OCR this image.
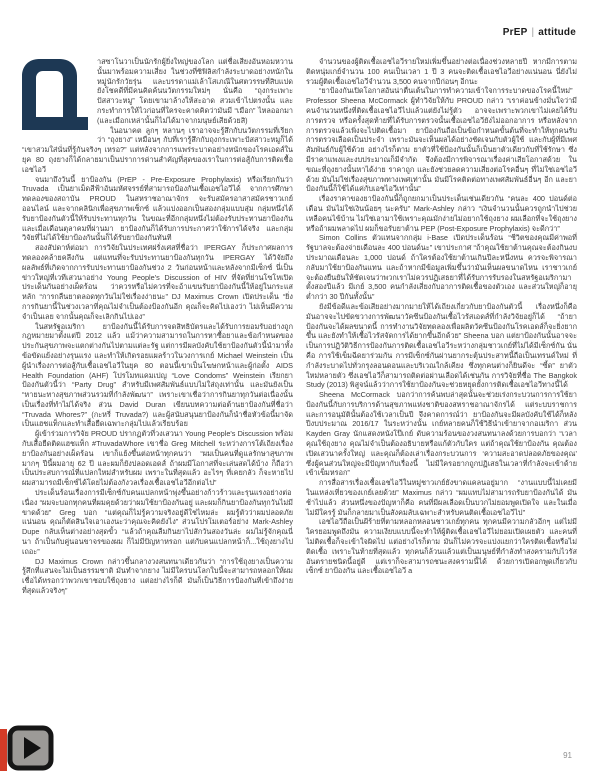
PrEP | attitude

าสซาโนวาเป็นนักรักผู้ยิ่งใหญ่ของโลก แต่ชื่อเสียงอันหอมหวานนั้นมาพร้อมความเสี่ยง ในช่วงที่ซิฟิลิสกำลังระบาดอย่างหนักในหมู่นักรักวัยรุ่น และบรรดาแม่เล้าโสเภณีในศตวรรษที่สิบแปด ยังโชคดีที่มีคนคิดค้นนวัตกรรมใหม่ๆ นั่นคือ “ถุงกระเพาะปัสสาวะหมู” โดยเขามาล้างให้สะอาด สวมเข้าไปตรงนั้น และกระทำการให้ไวก่อนที่ใครจะคาดคิดว่ามันมี “เมือก” ไหลออกมา (และเมือกเหล่านั้นก็ไม่ได้มาจากมนุษย์เสียด้วยสิ)

ในอนาคต ลูกๆ หลานๆ เราอาจจะรู้สึกกับนวัตกรรมที่เรียกว่า “ถุงยาง” เหมือนๆ กับที่เรารู้สึกกับถุงกระเพาะปัสสาวะหมูก็ได้ “เขาสวมใส่นั่นที่รู้กันจริงๆ เหรอ?” แต่หลังจากการแพร่ระบาดอย่างหนักของโรคเอดส์ในยุค 80 ถุงยางก็ได้กลายมาเป็นปราการด่านสำคัญที่สุดของเราในการต่อสู้กับการติดเชื้อเอชไอวี

จนมาถึงวันนี้ ยาป้องกัน (PrEP - Pre-Exposure Prophylaxis) หรือเรียกกันว่า Truvada เป็นยาเม็ดสีฟ้าอันมหัศจรรย์ที่สามารถป้องกันเชื้อเอชไอวีได้ จากการศึกษาทดลองของสถาบัน PROUD ในสหราชอาณาจักร จะรับสมัครอาสาสมัครชาวเกย์ออนไลน์ และจากคลินิกเพื่อสุขภาพเซ็กซ์ แล้วแบ่งออกเป็นสองกลุ่มแบบสุ่ม กลุ่มหนึ่งได้รับยาป้องกันตัวนี้ให้รับประทานทุกวัน ในขณะที่อีกกลุ่มหนึ่งไม่ต้องรับประทานยาป้องกัน และเมื่อเดือนตุลาคมที่ผ่านมา ยาป้องกันก็ได้รับการประกาศว่าใช้การได้จริง และกลุ่มวิจัยที่ไม่ได้ใช้ยาป้องกันนั้นก็ได้รับยาป้องกันทันที

สองสัปดาห์ต่อมา การวิจัยในประเทศฝรั่งเศสที่ชื่อว่า IPERGAY ก็ประกาศผลการทดลองคล้ายคลึงกัน แต่แทนที่จะรับประทานยาป้องกันทุกวัน IPERGAY ได้วิจัยถึงผลลัพธ์ที่เกิดจากการรับประทานยาป้องกันช่วง 2 วันก่อนหน้าและหลังจากมีเซ็กซ์ นี่เป็นข่าวใหญ่ที่เวทีเสวนาอย่าง Young People's Discussion of HIV ที่จัดที่ย่านโซโหเปิดประเด็นกันอย่างเผ็ดร้อน ว่าควรหรือไม่ควรที่จะอ้าแขนรับยาป้องกันนี้ให้อยู่ในกระแสหลัก “การกลืนยาตลอดทุกวันไม่ใช่เรื่องง่ายนะ” DJ Maximus Crown เปิดประเด็น “ยิ่งการกินยานี้ในช่วงเวลาที่คุณไม่จำเป็นต้องป้องกันอีก คุณก็จะคิดไปเองว่า ไม่เห็นมีความจำเป็นเลย จากนั้นคุณก็จะเลิกกินไปเอง”

ในสหรัฐอเมริกา ยาป้องกันนี้ได้รับการจดสิทธิบัตรและได้รับการยอมรับอย่างถูกกฎหมายมาตั้งแต่ปี 2012 แล้ว แม้ว่าความสามารถในการหาซื้อยาและข้อกำหนดของประกันสุขภาพจะแตกต่างกันไปตามแต่ละรัฐ แต่การมีผลบังคับใช้ยาป้องกันตัวนี้นำมาทั้งข้อขัดแย้งอย่างรุนแรง และทำให้เกิดรอยแผลร้าวในวงการเกย์ Michael Weinstein เป็นผู้นำเรื่องการต่อสู้กับเชื้อเอชไอวีในยุค 80 ตอนนี้เขาเป็นโฆษกหน้าและผู้ก่อตั้ง AIDS Health Foundation (AHF) โปรโมทแคมเปญ “Love Condoms” Weinstein เรียกยาป้องกันตัวนี้ว่า “Party Drug” สำหรับมีเพศสัมพันธ์แบบไม่ใส่ถุงเท่านั้น และมันยังเป็น “หายนะทางสุขภาพส่วนรวมที่กำลังพัฒนา” เพราะเขาเชื่อว่าการกินยาทุกวันต่อเนื่องนั้นเป็นเรื่องที่ทำไม่ได้จริง ส่วน David Duran เขียนบทความต่อต้านยาป้องกันที่ชื่อว่า “Truvada Whores?” (กะหรี่ Truvada?) และผู้สนับสนุนยาป้องกันก็นำชื่อหัวข้อนี้มาจัดเป็นแฮชแท็กและทำเสื้อยืดเฉพาะกลุ่มไปแล้วเรียบร้อย

ผู้เข้าร่วมการวิจัย PROUD ปรากฏตัวที่วงเสวนา Young People's Discussion พร้อมกับเสื้อยืดติดแฮชแท็ก #TruvadaWhore เขาชื่อ Greg Mitchell ระหว่างการโต้เถียงเรื่องยาป้องกันอย่างเผ็ดร้อน เขาก็แย้งขึ้นต่อหน้าทุกคนว่า “ผมเป็นคนที่ดูแลรักษาสุขภาพมากๆ ปีนี้ผมอายุ 62 ปี และผมก็ยังปลอดเอดส์ ถ้าผมมีโอกาสที่จะเล่นสดได้บ้าง ก็ถือว่าเป็นประสบการณ์ที่แปลกใหม่สำหรับผม เพราะในที่สุดแล้ว อะไรๆ ที่เคยกลัว ก็จะหายไป ผมสามารถมีเซ็กซ์ได้โดยไม่ต้องกังวลเรื่องเชื้อเอชไอวีอีกต่อไป”

ประเด็นร้อนเรื่องการมีเซ็กซ์กับคนแปลกหน้าพุ่งขึ้นอย่างก้าวร้าวและรุนแรงอย่างต่อเนื่อง “ผมจะบอกทุกคนที่ผมคุยด้วยว่าผมใช้ยาป้องกันอยู่ และผมก็กินยาป้องกันทุกวันไม่มีขาดด้วย” Greg บอก “แต่คุณก็ไม่รู้ความจริงอยู่ดีใช่ไหมล่ะ ผมรู้ตัวว่าผมปลอดภัยแน่นอน คุณก็ตัดสินใจเอาเองนะว่าคุณจะคิดยังไง” ส่วนโปรโมเตอร์อย่าง Mark-Ashley Dupe กลับเห็นต่างอย่างสุดขั้ว “แล้วถ้าคุณลืมกินยาไปสักวันสองวันล่ะ ผมไม่รู้จักคุณนี่นา ถ้าเป็นกับคู่นอนขาจรของผม ก็ไม่มีปัญหาหรอก แต่กับคนแปลกหน้าก็...ใช้ถุงยางไปเถอะ”

DJ Maximus Crown กล่าวขึ้นกลางวงสนทนาเดียวกันว่า “การใช้ถุงยางเป็นความรู้สึกที่แสนจะไม่เป็นธรรมชาติ มันทำจากยาง ไม่มีใครบนโลกใบนี้จะสามารถหลอกให้ผมเชื่อได้หรอกว่าพวกเขาชอบใช้ถุงยาง แต่อย่างไรก็ดี มันก็เป็นวิธีการป้องกันที่เข้าถึงง่ายที่สุดแล้วจริงๆ”

จำนวนของผู้ติดเชื้อเอชไอวีรายใหม่เพิ่มขึ้นอย่างต่อเนื่องช่วงหลายปี หากมีการตามติดหนุ่มเกย์จำนวน 100 คนเป็นเวลา 1 ปี 3 คนจะติดเชื้อเอชไอวีอย่างแน่นอน นี่ยังไม่รวมผู้ติดเชื้อเอชไอวีจำนวน 3,500 คนจากปีก่อนๆ อีกนะ

“ยาป้องกันเปิดโอกาสอันน่าตื่นเต้นในการทำความเข้าใจการระบาดของโรคนี้ใหม่” Professor Sheena McCormack ผู้ทำวิจัยให้กับ PROUD กล่าว “เราค่อนข้างมั่นใจว่ามีคนจำนวนหนึ่งที่ติดเชื้อเอชไอวีไปแล้วแต่ยังไม่รู้ตัว อาจจะเพราะพวกเขาไม่เคยได้รับการตรวจ หรือครั้งสุดท้ายที่ได้รับการตรวจนั้นเชื้อเอชไอวียังไม่ออกอาการ หรือหลังจากการตรวจแล้วเพิ่งจะไปติดเชื้อมา ยาป้องกันถือเป็นข้อกำหนดขั้นต้นที่จะทำให้ทุกคนรับการตรวจเลือดเป็นประจำ เพราะมันจะเห็นผลได้อย่างชัดเจนกับตัวผู้ใช้ และกับผู้ที่มีเพศสัมพันธ์กับผู้ใช้ด้วย อย่างไรก็ตาม ยาตัวที่ใช้ป้องกันนั้นก็เป็นยาตัวเดียวกับที่ใช้รักษา ซึ่งมีราคาแพงและงบประมาณก็มีจำกัด จึงต้องมีการพิจารณาเรื่องค่าเสียโอกาสด้วย ในขณะที่ถุงยางนั้นหาได้ง่าย ราคาถูก และยังช่วยลดความเสี่ยงต่อโรคอื่นๆ ที่ไม่ใช่เอชไอวีด้วย มันไม่ใช่เรื่องสุขภาพทางเพศเท่านั้น มันมีโรคติดต่อทางเพศสัมพันธ์อื่นๆ อีก และยาป้องกันนี้ก็ใช้ได้แค่กับเอชไอวีเท่านั้น”

เรื่องราคาของยาป้องกันนี้ก็ถูกยกมาเป็นประเด็นเช่นเดียวกัน “คนละ 400 ปอนด์ต่อเดือน มันไม่ใช่เงินน้อยๆ นะครับ” Mark-Ashley กล่าว “เงินจำนวนนั้นควรถูกนำไปช่วยเหลือคนไข้บ้าน ไม่ใช่เอามาใช้เพราะคุณมักง่ายไม่อยากใช้ถุงยาง ผมเลือกที่จะใช้ถุงยาง หรือถ้าผมพลาดไป ผมก็ขอรับยาต้าน PEP (Post-Exposure Prophylaxis) จะดีกว่า”

Simon Collins ตัวแทนจากกลุ่ม i-Base เปิดประเด็นร้อน “ชีวิตของคุณมีค่าพอที่รัฐบาลจะต้องจ่ายเดือนละ 400 ปอนด์นะ” เขาประกาศ “ถ้าคุณใช้ยาต้านคุณจะต้องกินงบประมาณเดือนละ 1,000 ปอนด์ ถ้าใครต้องใช้ยาต้านเกินปีละหนึ่งหน ควรจะพิจารณากลับมาใช้ยาป้องกันแทน และถ้าหากมีข้อมูลเพิ่มขึ้นว่ามันเห็นผลขนาดไหน เราชาวเกย์จะต้องยืนยันให้ชัดเจนว่าพวกเราไม่ควรปฏิเสธยาที่ได้รับการรับรองในสหรัฐอเมริกามาตั้งสองปีแล้ว มีเกย์ 3,500 คนกำลังเสี่ยงกับอาการติดเชื้อของตัวเอง และส่วนใหญ่ก็อายุต่ำกว่า 30 ปีกันทั้งนั้น”

ยังมีข้อดีและข้อเสียอย่างมากมายให้ได้เถียงเกี่ยวกับยาป้องกันตัวนี้ เรื่องหนึ่งก็คือ มันอาจจะไปขัดขวางการพัฒนาวัคซีนป้องกันเชื้อไวรัสเอดส์ที่กำลังวิจัยอยู่ก็ได้ “ถ้ายาป้องกันจะได้ผลขนาดนี้ การทำงานวิจัยทดลองเพื่อผลิตวัคซีนป้องกันโรคเอดส์ก็จะยิ่งยากขึ้น และยังทำให้เชื้อไวรัสจัดการได้ยากขึ้นอีกด้วย” Sheena บอก แต่ยาป้องกันนั้นอาจจะเป็นการปฏิวัติวิธีการป้องกันการติดเชื้อเอชไอวีระหว่างกลุ่มชาวเกย์ที่ไม่ได้มีเซ็กซ์กัน นั่นคือ การใช้เข็มฉีดยาร่วมกัน การมีเซ็กซ์กันผ่านยากระตุ้นประสาทนี้ถือเป็นเทรนด์ใหม่ ที่กำลังระบาดไปทั่วกรุงลอนดอนและบริเวณใกล้เคียง ซึ่งทุกคนต่างก็ยินดีจะ “ซี้ด” ยาตัวใหม่หลายตัว ซึ่งเอชไอวีก็สามารถติดต่อผ่านเลือดได้เช่นกัน การวิจัยที่ชื่อ The Bangkok Study (2013) พิสูจน์แล้วว่าการใช้ยาป้องกันจะช่วยหยุดยั้งการติดเชื้อเอชไอวีทางนี้ได้

Sheena McCormack บอกว่าการค้นพบล่าสุดนั้นจะช่วยเร่งกระบวนการการใช้ยาป้องกันนี้กับการบริการด้านสุขภาพแห่งชาติของสหราชอาณาจักรได้ แต่ระบบราชการและการอนุมัตินั้นต้องใช้เวลาเป็นปี จึงคาดการณ์ว่า ยาป้องกันจะมีผลบังคับใช้ได้ก็หลังปีงบประมาณ 2016/17 ในระหว่างนั้น เกย์หลายคนก็ใช้วิธีนำเข้ายาจากอเมริกา ส่วน Kayden Gray นักแสดงหนังโป๊เกย์ ดับความร้อนของวงสนทนาลงด้วยการบอกว่า “เวลาคุณใช้ถุงยาง คุณไม่จำเป็นต้องอธิบายหรือแก้ตัวกับใคร แต่ถ้าคุณใช้ยาป้องกัน คุณต้องเปิดเสวนาครั้งใหญ่ และคุณก็ต้องเล่าเรื่องกระบวนการ ‘ความสะอาดปลอดภัยของคุณ’ ซึ่งผู้คนส่วนใหญ่จะมีปัญหากับเรื่องนี้ ไม่มีใครอยากถูกปฏิเสธในเวลาที่กำลังจะเข้าด้ายเข้าเข็มหรอก”

การสื่อสารเรื่องเชื้อเอชไอวีในหมู่ชาวเกย์ยังขาดแคลนอยู่มาก “งานแบบนี้ไม่เคยมีในแหล่งเที่ยวของเกย์เลยด้วย” Maximus กล่าว “ผมแทบไม่สามารถรับยาป้องกันได้ มันช้าไปแล้ว ส่วนหนึ่งของปัญหาก็คือ คนที่มีผลเลือดเป็นบวกไม่ยอมพูดเปิดใจ และในเมื่อไม่มีใครรู้ มันก็กลายมาเป็นสังคมลับเฉพาะสำหรับคนติดเชื้อเอชไอวีไป”

เอชไอวีถือเป็นผีร้ายที่ตามหลอกหลอนชาวเกย์ทุกคน ทุกคนมีความกลัวอีกๆ แต่ไม่มีใครยอมพูดถึงมัน ความเงียบแบบนี้จะทำให้ผู้ติดเชื้อเอชไอวีไม่ยอมเปิดเผยตัว และคนที่ไม่ติดเชื้อก็จะเข้าใจผิดไป แต่อย่างไรก็ตาม มันก็ไม่ควรจะแบ่งแยกว่าใครติดเชื้อหรือไม่ติดเชื้อ เพราะในท้ายที่สุดแล้ว ทุกคนก็ล้วนแล้วแต่เป็นมนุษย์ที่กำลังทำสงครามกับไวรัสอันตรายชนิดนี้อยู่ดี แต่เราก็จะสามารถชนะสงครามนี้ได้ ด้วยการเปิดอกพูดเกี่ยวกับเซ็กซ์ ยาป้องกัน และเชื้อเอชไอวี a

91
